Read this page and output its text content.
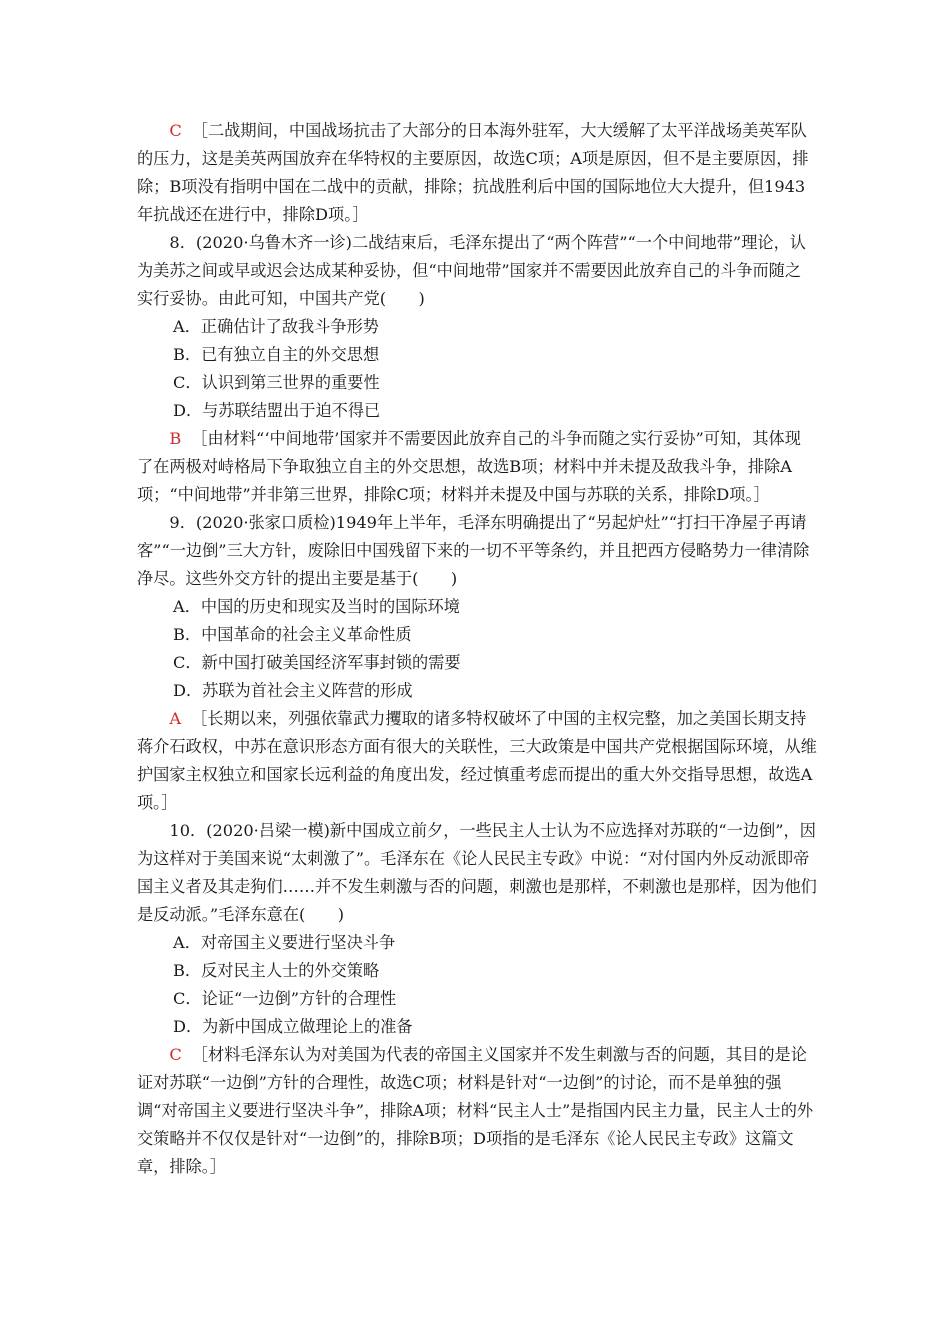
C ［二战期间，中国战场抗击了大部分的日本海外驻军，大大缓解了太平洋战场美英军队的压力，这是美英两国放弃在华特权的主要原因，故选C项；A项是原因，但不是主要原因，排除；B项没有指明中国在二战中的贡献，排除；抗战胜利后中国的国际地位大大提升，但1943年抗战还在进行中，排除D项。］

8．(2020·乌鲁木齐一诊)二战结束后，毛泽东提出了“两个阵营”“一个中间地带”理论，认为美苏之间或早或迟会达成某种妥协，但“中间地带”国家并不需要因此放弃自己的斗争而随之实行妥协。由此可知，中国共产党(　　)

A．正确估计了敌我斗争形势

B．已有独立自主的外交思想

C．认识到第三世界的重要性

D．与苏联结盟出于迫不得已

B ［由材料“‘中间地带’国家并不需要因此放弃自己的斗争而随之实行妥协”可知，其体现了在两极对峙格局下争取独立自主的外交思想，故选B项；材料中并未提及敌我斗争，排除A项；“中间地带”并非第三世界，排除C项；材料并未提及中国与苏联的关系，排除D项。］

9．(2020·张家口质检)1949年上半年，毛泽东明确提出了“另起炉灶”“打扫干净屋子再请客”“一边倒”三大方针，废除旧中国残留下来的一切不平等条约，并且把西方侵略势力一律清除净尽。这些外交方针的提出主要是基于(　　)

A．中国的历史和现实及当时的国际环境

B．中国革命的社会主义革命性质

C．新中国打破美国经济军事封锁的需要

D．苏联为首社会主义阵营的形成

A ［长期以来，列强依靠武力攫取的诸多特权破坏了中国的主权完整，加之美国长期支持蒋介石政权，中苏在意识形态方面有很大的关联性，三大政策是中国共产党根据国际环境，从维护国家主权独立和国家长远利益的角度出发，经过慎重考虑而提出的重大外交指导思想，故选A项。］

10．(2020·吕梁一模)新中国成立前夕，一些民主人士认为不应选择对苏联的“一边倒”，因为这样对于美国来说“太刺激了”。毛泽东在《论人民民主专政》中说：“对付国内外反动派即帝国主义者及其走狗们……并不发生刺激与否的问题，刺激也是那样，不刺激也是那样，因为他们是反动派。”毛泽东意在(　　)

A．对帝国主义要进行坚决斗争

B．反对民主人士的外交策略

C．论证“一边倒”方针的合理性

D．为新中国成立做理论上的准备

C ［材料毛泽东认为对美国为代表的帝国主义国家并不发生刺激与否的问题，其目的是论证对苏联“一边倒”方针的合理性，故选C项；材料是针对“一边倒”的讨论，而不是单独的强调“对帝国主义要进行坚决斗争”，排除A项；材料“民主人士”是指国内民主力量，民主人士的外交策略并不仅仅是针对“一边倒”的，排除B项；D项指的是毛泽东《论人民民主专政》这篇文章，排除。］
